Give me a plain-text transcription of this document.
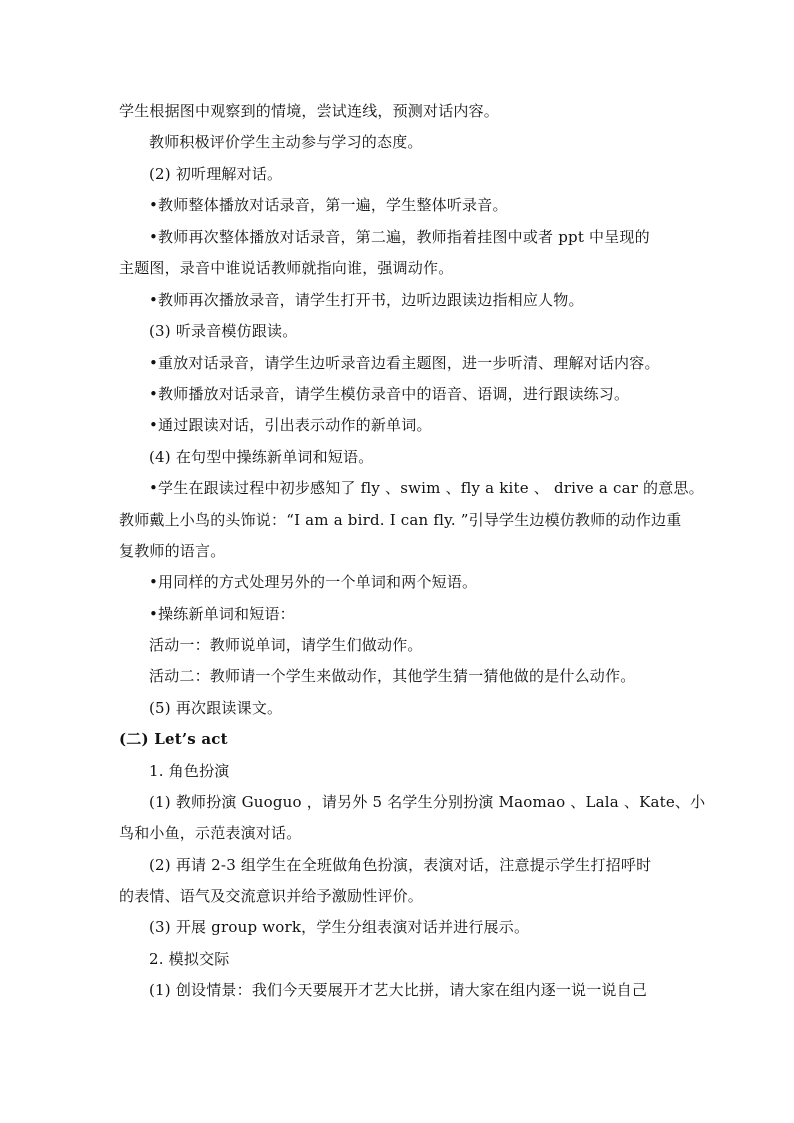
学生根据图中观察到的情境，尝试连线，预测对话内容。
教师积极评价学生主动参与学习的态度。
(2) 初听理解对话。
•教师整体播放对话录音，第一遍，学生整体听录音。
•教师再次整体播放对话录音，第二遍，教师指着挂图中或者 ppt 中呈现的
主题图，录音中谁说话教师就指向谁，强调动作。
•教师再次播放录音，请学生打开书，边听边跟读边指相应人物。
(3) 听录音模仿跟读。
•重放对话录音，请学生边听录音边看主题图，进一步听清、理解对话内容。
•教师播放对话录音，请学生模仿录音中的语音、语调，进行跟读练习。
•通过跟读对话，引出表示动作的新单词。
(4) 在句型中操练新单词和短语。
•学生在跟读过程中初步感知了 fly 、swim 、fly a kite 、 drive a car 的意思。
教师戴上小鸟的头饰说：“I am a bird. I can fly. ”引导学生边模仿教师的动作边重
复教师的语言。
•用同样的方式处理另外的一个单词和两个短语。
•操练新单词和短语：
活动一：教师说单词，请学生们做动作。
活动二：教师请一个学生来做动作，其他学生猜一猜他做的是什么动作。
(5) 再次跟读课文。
(二) Let’s act
1. 角色扮演
(1) 教师扮演 Guoguo ，请另外 5 名学生分别扮演 Maomao 、Lala 、Kate、小
鸟和小鱼，示范表演对话。
(2) 再请 2-3 组学生在全班做角色扮演，表演对话，注意提示学生打招呼时
的表情、语气及交流意识并给予激励性评价。
(3) 开展 group work，学生分组表演对话并进行展示。
2. 模拟交际
(1) 创设情景：我们今天要展开才艺大比拼，请大家在组内逐一说一说自己
